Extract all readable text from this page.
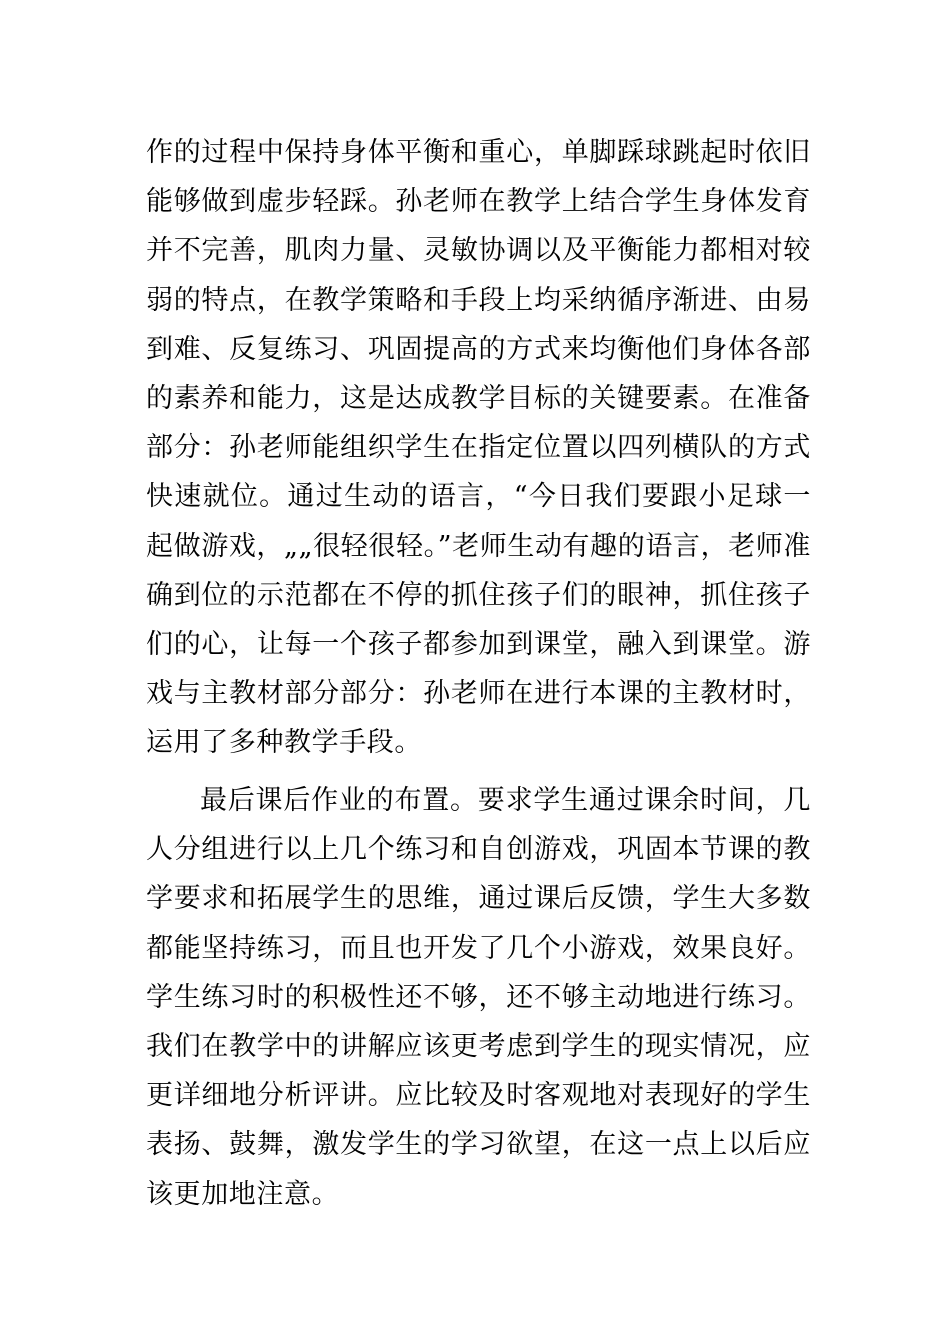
作的过程中保持身体平衡和重心，单脚踩球跳起时依旧能够做到虚步轻踩。孙老师在教学上结合学生身体发育并不完善，肌肉力量、灵敏协调以及平衡能力都相对较弱的特点，在教学策略和手段上均采纳循序渐进、由易到难、反复练习、巩固提高的方式来均衡他们身体各部的素养和能力，这是达成教学目标的关键要素。在准备部分：孙老师能组织学生在指定位置以四列横队的方式快速就位。通过生动的语言，“今日我们要跟小足球一起做游戏，„„很轻很轻。”老师生动有趣的语言，老师准确到位的示范都在不停的抓住孩子们的眼神，抓住孩子们的心，让每一个孩子都参加到课堂，融入到课堂。游戏与主教材部分部分：孙老师在进行本课的主教材时，运用了多种教学手段。

最后课后作业的布置。要求学生通过课余时间，几人分组进行以上几个练习和自创游戏，巩固本节课的教学要求和拓展学生的思维，通过课后反馈，学生大多数都能坚持练习，而且也开发了几个小游戏，效果良好。学生练习时的积极性还不够，还不够主动地进行练习。我们在教学中的讲解应该更考虑到学生的现实情况，应更详细地分析评讲。应比较及时客观地对表现好的学生表扬、鼓舞，激发学生的学习欲望，在这一点上以后应该更加地注意。
